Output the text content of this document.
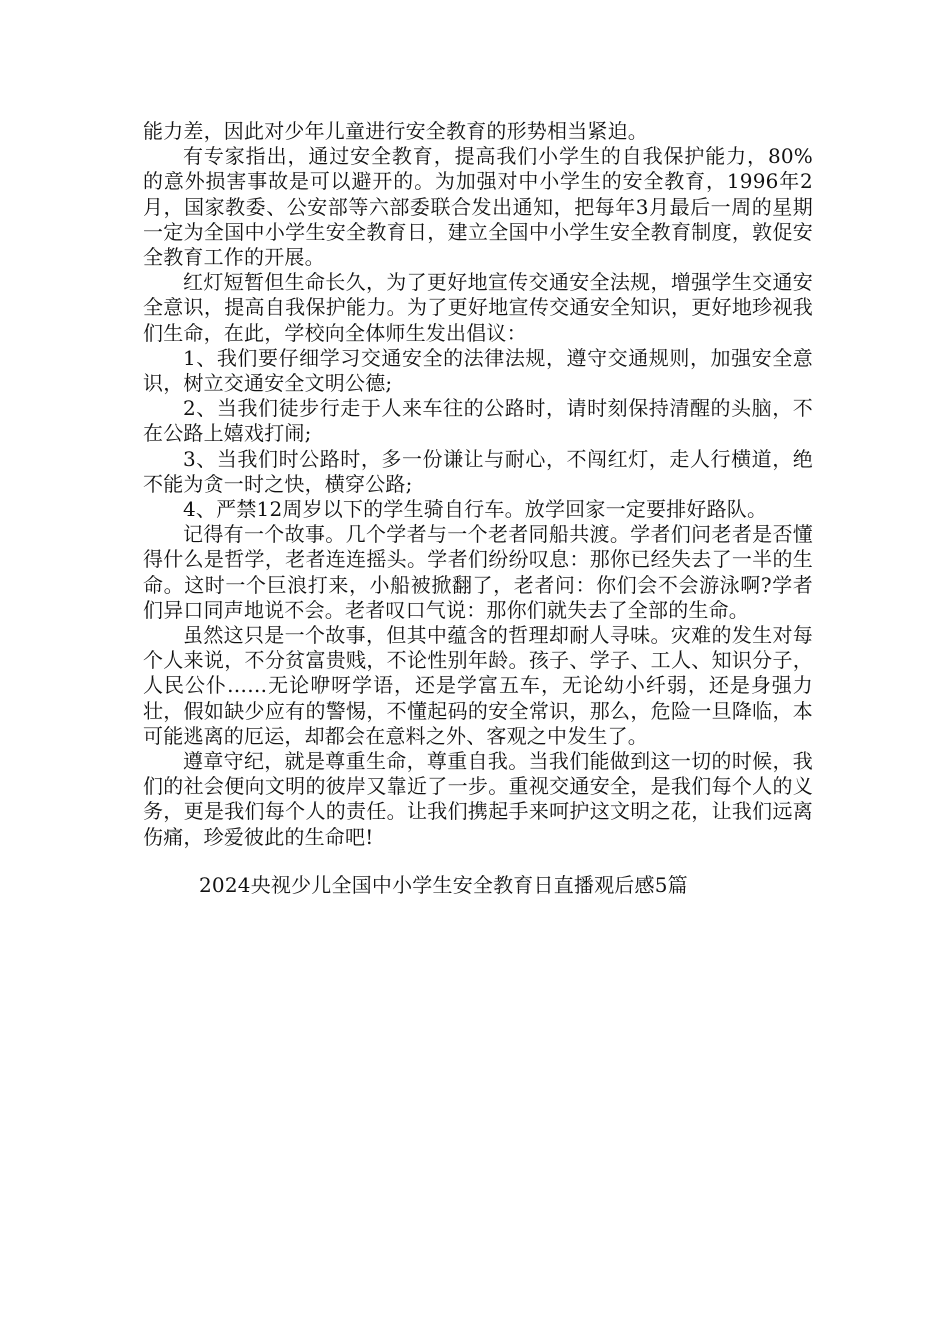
能力差，因此对少年儿童进行安全教育的形势相当紧迫。

有专家指出，通过安全教育，提高我们小学生的自我保护能力，80%的意外损害事故是可以避开的。为加强对中小学生的安全教育，1996年2月，国家教委、公安部等六部委联合发出通知，把每年3月最后一周的星期一定为全国中小学生安全教育日，建立全国中小学生安全教育制度，敦促安全教育工作的开展。

红灯短暂但生命长久，为了更好地宣传交通安全法规，增强学生交通安全意识，提高自我保护能力。为了更好地宣传交通安全知识，更好地珍视我们生命，在此，学校向全体师生发出倡议：

1、我们要仔细学习交通安全的法律法规，遵守交通规则，加强安全意识，树立交通安全文明公德;

2、当我们徒步行走于人来车往的公路时，请时刻保持清醒的头脑，不在公路上嬉戏打闹;

3、当我们时公路时，多一份谦让与耐心，不闯红灯，走人行横道，绝不能为贪一时之快，横穿公路;

4、严禁12周岁以下的学生骑自行车。放学回家一定要排好路队。

记得有一个故事。几个学者与一个老者同船共渡。学者们问老者是否懂得什么是哲学，老者连连摇头。学者们纷纷叹息：那你已经失去了一半的生命。这时一个巨浪打来，小船被掀翻了，老者问：你们会不会游泳啊?学者们异口同声地说不会。老者叹口气说：那你们就失去了全部的生命。

虽然这只是一个故事，但其中蕴含的哲理却耐人寻味。灾难的发生对每个人来说，不分贫富贵贱，不论性别年龄。孩子、学子、工人、知识分子，人民公仆……无论咿呀学语，还是学富五车，无论幼小纤弱，还是身强力壮，假如缺少应有的警惕，不懂起码的安全常识，那么，危险一旦降临，本可能逃离的厄运，却都会在意料之外、客观之中发生了。

遵章守纪，就是尊重生命，尊重自我。当我们能做到这一切的时候，我们的社会便向文明的彼岸又靠近了一步。重视交通安全，是我们每个人的义务，更是我们每个人的责任。让我们携起手来呵护这文明之花，让我们远离伤痛，珍爱彼此的生命吧!

2024央视少儿全国中小学生安全教育日直播观后感5篇
